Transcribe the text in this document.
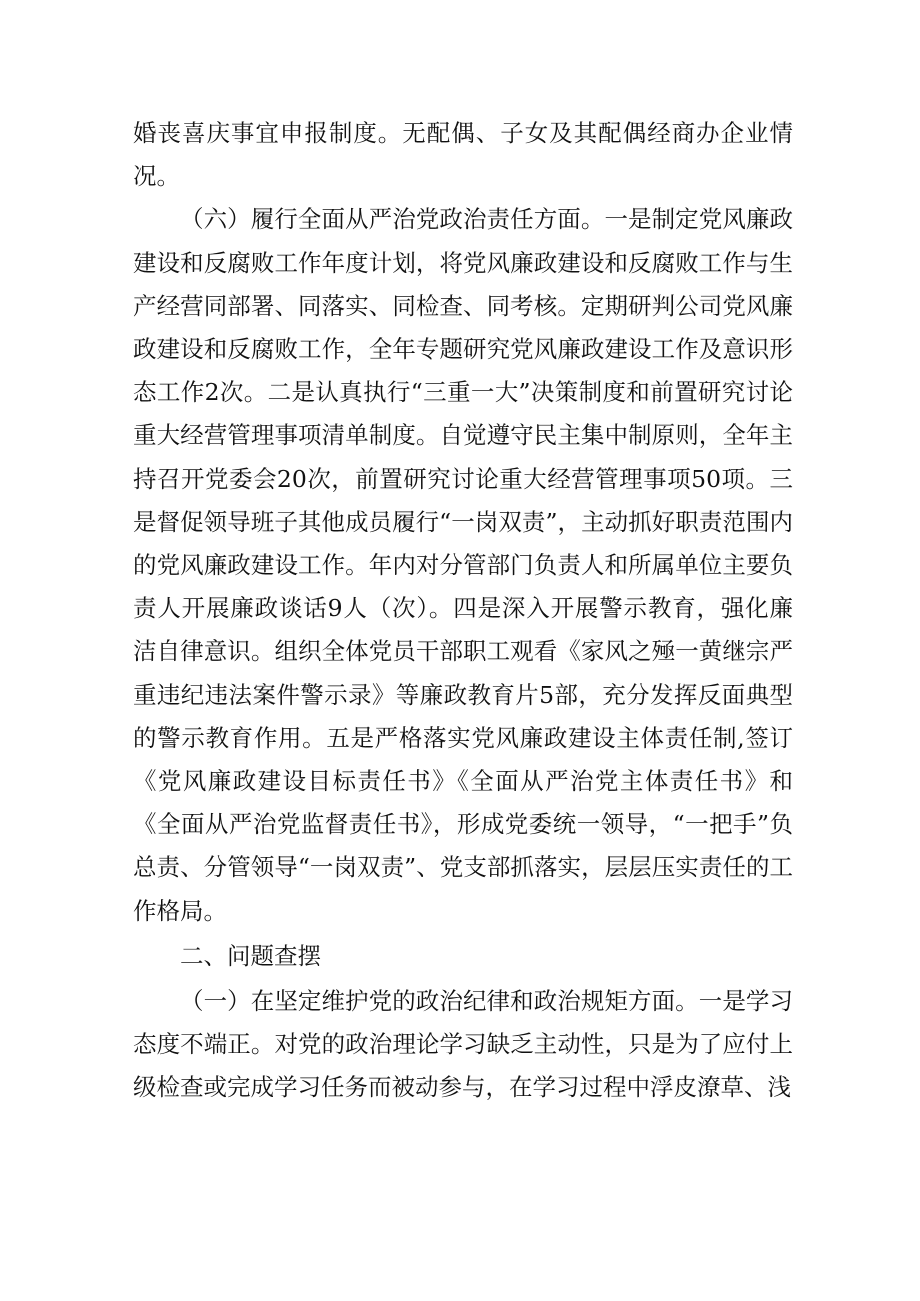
婚丧喜庆事宜申报制度。无配偶、子女及其配偶经商办企业情况。

（六）履行全面从严治党政治责任方面。一是制定党风廉政建设和反腐败工作年度计划，将党风廉政建设和反腐败工作与生产经营同部署、同落实、同检查、同考核。定期研判公司党风廉政建设和反腐败工作，全年专题研究党风廉政建设工作及意识形态工作2次。二是认真执行“三重一大”决策制度和前置研究讨论重大经营管理事项清单制度。自觉遵守民主集中制原则，全年主持召开党委会20次，前置研究讨论重大经营管理事项50项。三是督促领导班子其他成员履行“一岗双责”，主动抓好职责范围内的党风廉政建设工作。年内对分管部门负责人和所属单位主要负责人开展廉政谈话9人（次）。四是深入开展警示教育，强化廉洁自律意识。组织全体党员干部职工观看《家风之殛一黄继宗严重违纪违法案件警示录》等廉政教育片5部，充分发挥反面典型的警示教育作用。五是严格落实党风廉政建设主体责任制,签订《党风廉政建设目标责任书》《全面从严治党主体责任书》和《全面从严治党监督责任书》，形成党委统一领导，“一把手”负总责、分管领导“一岗双责”、党支部抓落实，层层压实责任的工作格局。

二、问题查摆

（一）在坚定维护党的政治纪律和政治规矩方面。一是学习态度不端正。对党的政治理论学习缺乏主动性，只是为了应付上级检查或完成学习任务而被动参与，在学习过程中浮皮潦草、浅
